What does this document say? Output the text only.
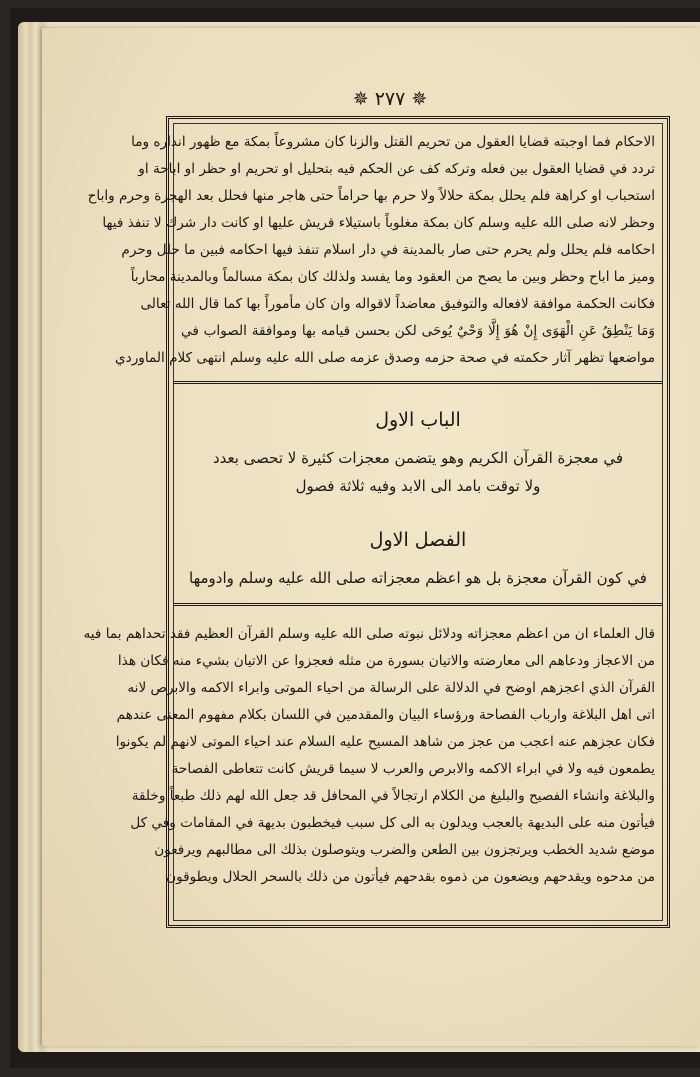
✵ ٢٧٧ ✵
الاحكام فما اوجبته قضايا العقول من تحريم القتل والزنا كان مشروعاً بمكة مع ظهور انذاره وما
تردد في قضايا العقول بين فعله وتركه كف عن الحكم فيه بتحليل او تحريم او حظر او اباحة او
استحباب او كراهة فلم يحلل بمكة حلالاً ولا حرم بها حراماً حتى هاجر منها فحلل بعد الهجرة وحرم واباح
وحظر لانه صلى الله عليه وسلم كان بمكة مغلوباً باستيلاء قريش عليها او كانت دار شرك لا تنفذ فيها
احكامه فلم يحلل ولم يحرم حتى صار بالمدينة في دار اسلام تنفذ فيها احكامه فبين ما حلل وحرم
وميز ما اباح وحظر وبين ما يصح من العقود وما يفسد ولذلك كان بمكة مسالماً وبالمدينة محارباً
فكانت الحكمة موافقة لافعاله والتوفيق معاضداً لاقواله وان كان مأموراً بها كما قال الله تعالى
وَمَا يَنْطِقُ عَنِ الْهَوَى إِنْ هُوَ إِلَّا وَحْيٌ يُوحَى لكن بحسن قيامه بها وموافقة الصواب في
مواضعها تظهر آثار حكمته في صحة حزمه وصدق عزمه صلى الله عليه وسلم انتهى كلام الماوردي
الباب الاول
في معجزة القرآن الكريم وهو يتضمن معجزات كثيرة لا تحصى بعدد
ولا توقت بامد الى الابد وفيه ثلاثة فصول
الفصل الاول
في كون القرآن معجزة بل هو اعظم معجزاته صلى الله عليه وسلم وادومها
قال العلماء ان من اعظم معجزاته ودلائل نبوته صلى الله عليه وسلم القرآن العظيم فقد تحداهم بما فيه
من الاعجاز ودعاهم الى معارضته والاتيان بسورة من مثله فعجزوا عن الاتيان بشيء منه فكان هذا
القرآن الذي اعجزهم اوضح في الدلالة على الرسالة من احياء الموتى وابراء الاكمه والابرص لانه
اتى اهل البلاغة وارباب الفصاحة ورؤساء البيان والمقدمين في اللسان بكلام مفهوم المعنى عندهم
فكان عجزهم عنه اعجب من عجز من شاهد المسيح عليه السلام عند احياء الموتى لانهم لم يكونوا
يطمعون فيه ولا في ابراء الاكمه والابرص والعرب لا سيما قريش كانت تتعاطى الفصاحة
والبلاغة وانشاء الفصيح والبليغ من الكلام ارتجالاً في المحافل قد جعل الله لهم ذلك طبعاً وخلقة
فيأتون منه على البديهة بالعجب ويدلون به الى كل سبب فيخطبون بديهة في المقامات وفي كل
موضع شديد الخطب ويرتجزون بين الطعن والضرب ويتوصلون بذلك الى مطالبهم ويرفعون
من مدحوه ويقدحهم ويضعون من ذموه بقدحهم فيأتون من ذلك بالسحر الحلال ويطوقون
